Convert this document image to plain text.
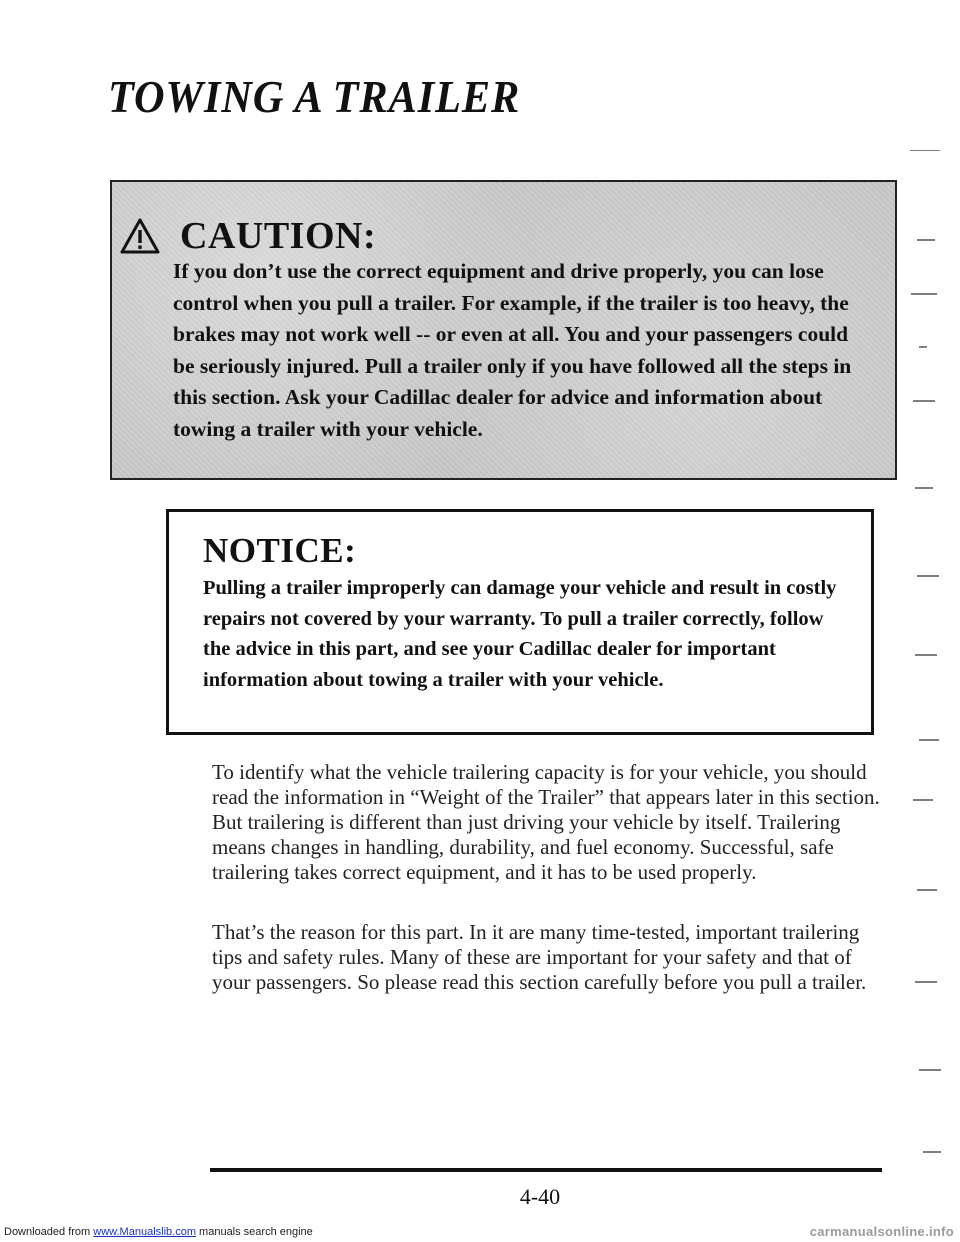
TOWING A TRAILER
CAUTION:
If you don’t use the correct equipment and drive properly, you can lose control when you pull a trailer. For example, if the trailer is too heavy, the brakes may not work well -- or even at all. You and your passengers could be seriously injured. Pull a trailer only if you have followed all the steps in this section. Ask your Cadillac dealer for advice and information about towing a trailer with your vehicle.
NOTICE:
Pulling a trailer improperly can damage your vehicle and result in costly repairs not covered by your warranty. To pull a trailer correctly, follow the advice in this part, and see your Cadillac dealer for important information about towing a trailer with your vehicle.

To identify what the vehicle trailering capacity is for your vehicle, you should read the information in “Weight of the Trailer” that appears later in this section. But trailering is different than just driving your vehicle by itself. Trailering means changes in handling, durability, and fuel economy. Successful, safe trailering takes correct equipment, and it has to be used properly.

That’s the reason for this part. In it are many time-tested, important trailering tips and safety rules. Many of these are important for your safety and that of your passengers. So please read this section carefully before you pull a trailer.

4-40
Downloaded from www.Manualslib.com manuals search engine	carmanualsonline.info
